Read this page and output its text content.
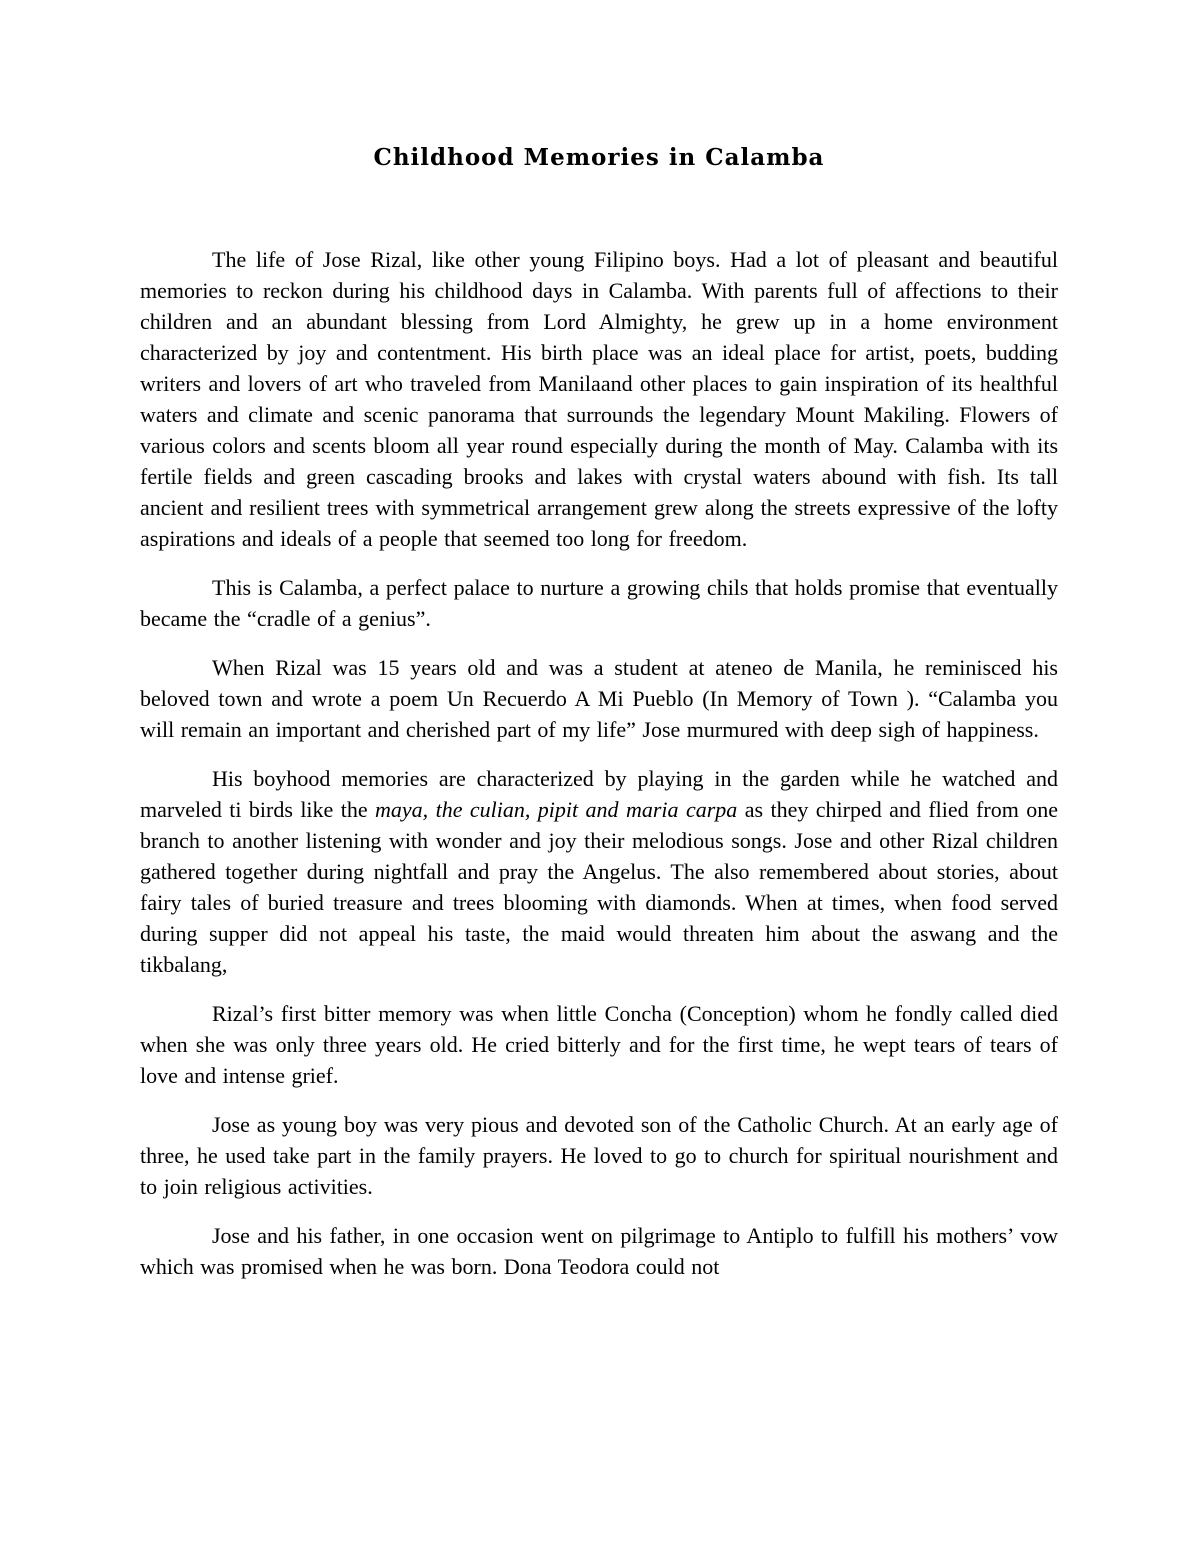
Childhood Memories in Calamba

The life of Jose Rizal, like other young Filipino boys. Had a lot of pleasant and beautiful memories to reckon during his childhood days in Calamba. With parents full of affections to their children and an abundant blessing from Lord Almighty, he grew up in a home environment characterized by joy and contentment. His birth place was an ideal place for artist, poets, budding writers and lovers of art who traveled from Manilaand other places to gain inspiration of its healthful waters and climate and scenic panorama that surrounds the legendary Mount Makiling. Flowers of various colors and scents bloom all year round especially during the month of May. Calamba with its fertile fields and green cascading brooks and lakes with crystal waters abound with fish. Its tall ancient and resilient trees with symmetrical arrangement grew along the streets expressive of the lofty aspirations and ideals of a people that seemed too long for freedom.

This is Calamba, a perfect palace to nurture a growing chils that holds promise that eventually became the “cradle of a genius”.

When Rizal was 15 years old and was a student at ateneo de Manila, he reminisced his beloved town and wrote a poem Un Recuerdo A Mi Pueblo (In Memory of Town ). “Calamba you will remain an important and cherished part of my life” Jose murmured with deep sigh of happiness.

His boyhood memories are characterized by playing in the garden while he watched and marveled ti birds like the maya, the culian, pipit and maria carpa as they chirped and flied from one branch to another listening with wonder and joy their melodious songs. Jose and other Rizal children gathered together during nightfall and pray the Angelus. The also remembered about stories, about fairy tales of buried treasure and trees blooming with diamonds. When at times, when food served during supper did not appeal his taste, the maid would threaten him about the aswang and the tikbalang,

Rizal’s first bitter memory was when little Concha (Conception) whom he fondly called died when she was only three years old. He cried bitterly and for the first time, he wept tears of tears of love and intense grief.

Jose as young boy was very pious and devoted son of the Catholic Church. At an early age of three, he used take part in the family prayers. He loved to go to church for spiritual nourishment and to join religious activities.

Jose and his father, in one occasion went on pilgrimage to Antiplo to fulfill his mothers’ vow which was promised when he was born. Dona Teodora could not
